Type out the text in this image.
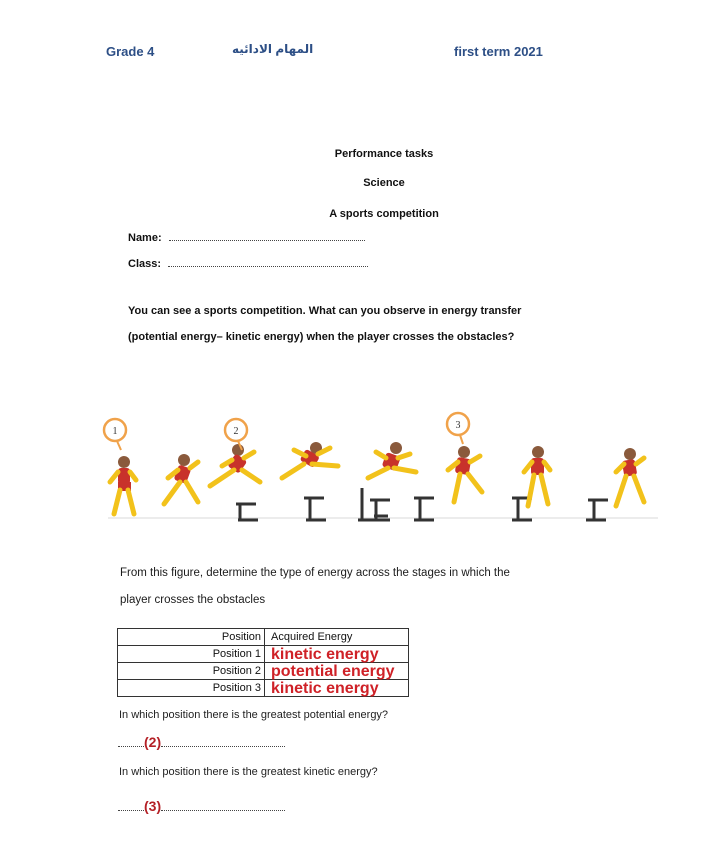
Grade 4	المهام الادائيه	first term 2021
Performance tasks
Science
A sports competition
Name:
Class:
You can see a sports competition. What can you observe in energy transfer
(potential energy– kinetic energy) when the player crosses the obstacles?
1	2
3
From this figure, determine the type of energy across the stages in which the
player crosses the obstacles
Position	Acquired Energy
Position 1	kinetic energy
Position 2	potential energy
Position 3	kinetic energy
In which position there is the greatest potential energy?
(2)
In which position there is the greatest kinetic energy?
(3)
